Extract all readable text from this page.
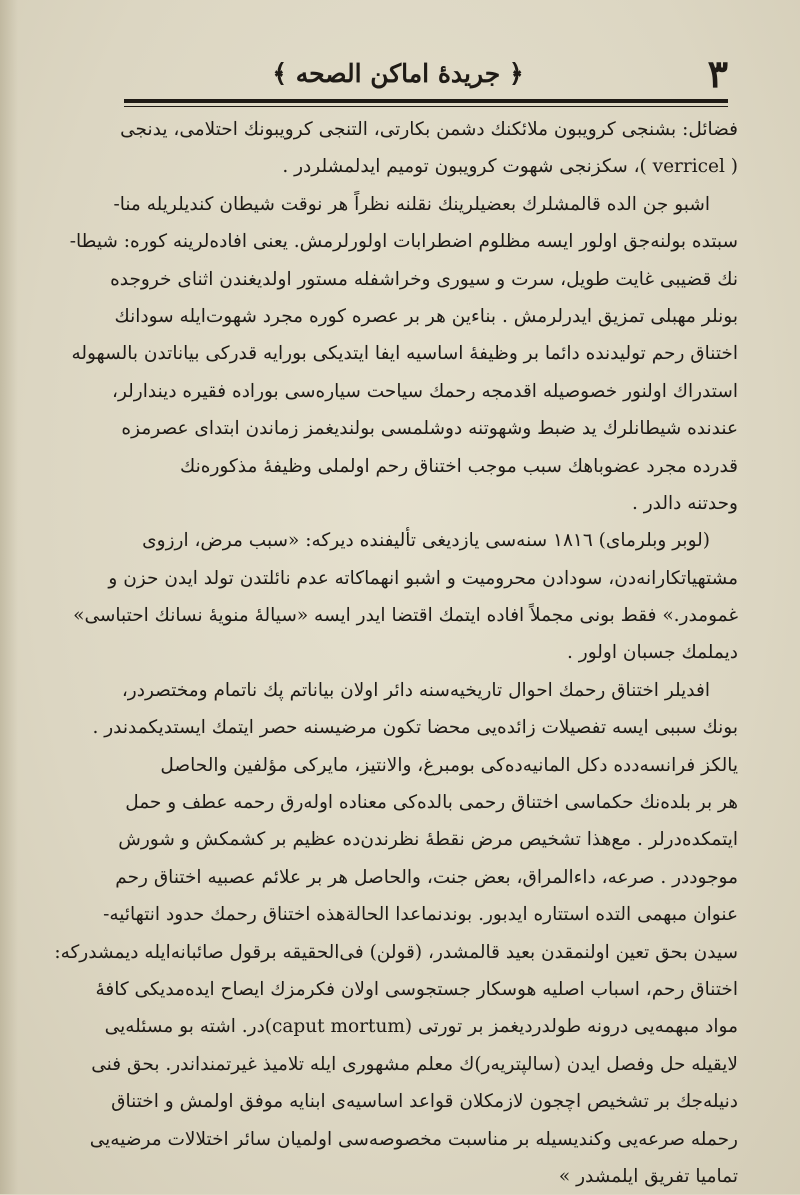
٣
﴿ جريدهٔ اماكن الصحه ﴾
فضائل: بشنجى كرويبون ملائكنك دشمن بكارتى، التنجى كرويبونك احتلامى، يدنجى
( verricel )، سكزنجى شهوت كرويبون توميم ايدلمشلردر .
اشبو جن الده قالمشلرك بعضيلرينك نقلنه نظراً هر نوقت شيطان كنديلريله منا-
سبتده بولنه‌جق اولور ايسه مظلوم اضطرابات اولورلرمش. يعنى افاده‌لرينه كوره: شيطا-
نك قضيبى غايت طويل، سرت و سيورى وخراشفله مستور اولديغندن اثناى خروجده
بونلر مهبلى تمزيق ايدرلرمش . بناءين هر بر عصره كوره مجرد شهوت‌ايله سودانك
اختناق رحم توليدنده دائما بر وظيفهٔ اساسيه ايفا ايتديكى بورايه قدركى بياناتدن بالسهوله
استدراك اولنور خصوصيله اقدمجه رحمك سياحت سياره‌سى بوراده فقيره ديندارلر،
عندنده شيطانلرك يد ضبط وشهوتنه دوشلمسى بولنديغمز زماندن ابتداى عصرمزه
قدرده مجرد عضوباهك سبب موجب اختناق رحم اولملى وظيفهٔ مذكوره‌نك
وحدتنه دالدر .
(لوبر وبلرماى) ١٨١٦ سنه‌سى يازديغى تأليفنده ديركه: «سبب مرض، ارزوى
مشتهياتكارانه‌دن، سودادن محروميت و اشبو انهماكاته عدم نائلتدن تولد ايدن حزن و
غمومدر.» فقط بونى مجملاً افاده ايتمك اقتضا ايدر ايسه «سيالهٔ منويهٔ نسانك احتباسى»
ديملمك جسبان اولور .
افديلر اختناق رحمك احوال تاريخيه‌سنه دائر اولان بياناتم پك ناتمام ومختصردر،
بونك سببى ايسه تفصيلات زائده‌يى محضا تكون مرضيسنه حصر ايتمك ايستديكمدندر .
يالكز فرانسه‌دده دكل المانيه‌ده‌كى بومبرغ، والانتيز، مايركى مؤلفين والحاصل
هر بر بلده‌نك حكماسى اختناق رحمى بالده‌كى معناده اوله‌رق رحمه عطف و حمل
ايتمكده‌درلر . مع‌هذا تشخيص مرض نقطهٔ نظرندن‌ده عظيم بر كشمكش و شورش
موجوددر . صرعه، داءالمراق، بعض جنت، والحاصل هر بر علائم عصبيه اختناق رحم
عنوان مبهمى التده استتاره ايدبور. بوندنماعدا الحالةهذه اختناق رحمك حدود انتهائيه-
سيدن بحق تعين اولنمقدن بعيد قالمشدر، (قولن) فى‌الحقيقه برقول صائبانه‌ايله ديمشدركه:
اختناق رحم، اسباب اصليه هوسكار جستجوسى اولان فكرمزك ايصاح ايده‌مديكى كافهٔ
مواد مبهمه‌يى درونه طولدرديغمز بر تورتى (caput mortum)در. اشته بو مسئله‌يى
لايقيله حل وفصل ايدن (سالپتريه‌ر)ك معلم مشهورى ايله تلاميذ غيرتمنداندر. بحق فنى
دنيله‌جك بر تشخيص اچجون لازمكلان قواعد اساسيه‌ى ابنايه موفق اولمش و اختناق
رحمله صرعه‌يى وكنديسيله بر مناسبت مخصوصه‌سى اولميان سائر اختلالات مرضيه‌يى
تماميا تفريق ايلمشدر »
